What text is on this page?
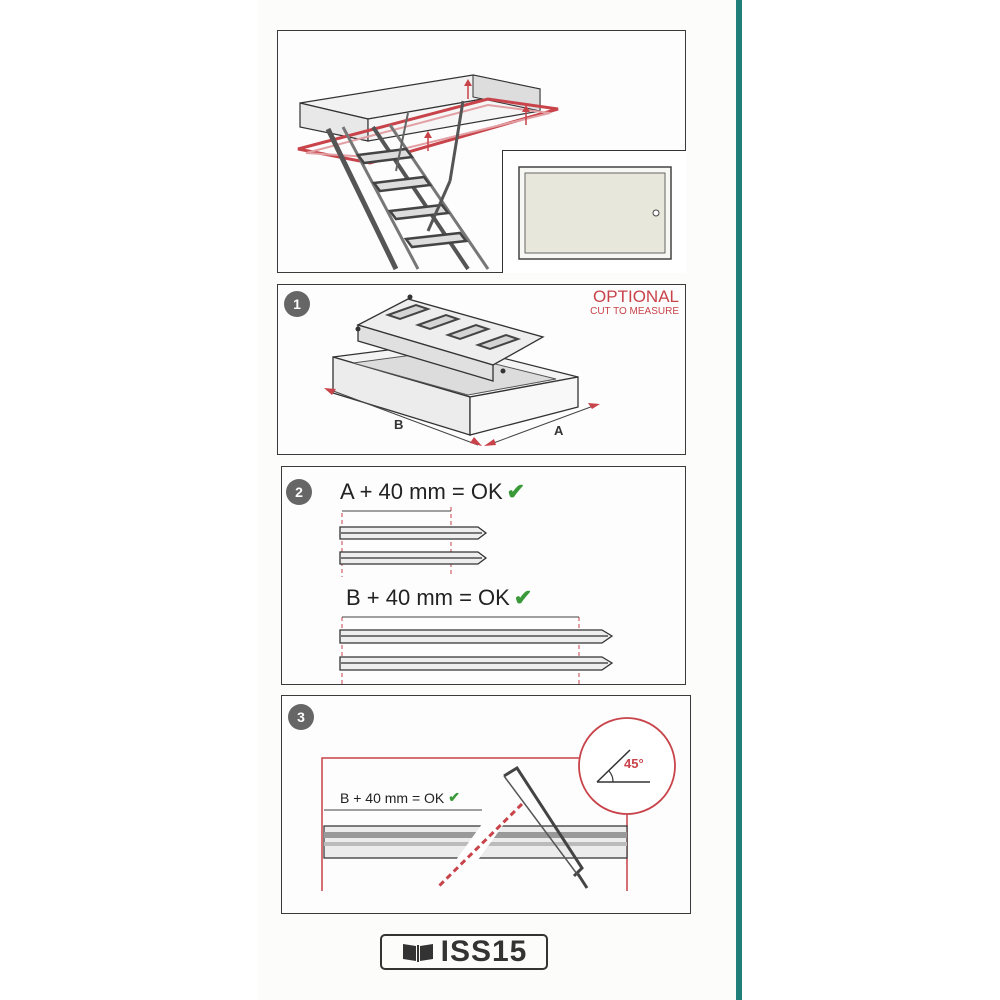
1	OPTIONAL
CUT TO MEASURE
B	A
2	A + 40 mm = OK ✔
B + 40 mm = OK ✔
3
B + 40 mm = OK ✔
45°
ISS15
